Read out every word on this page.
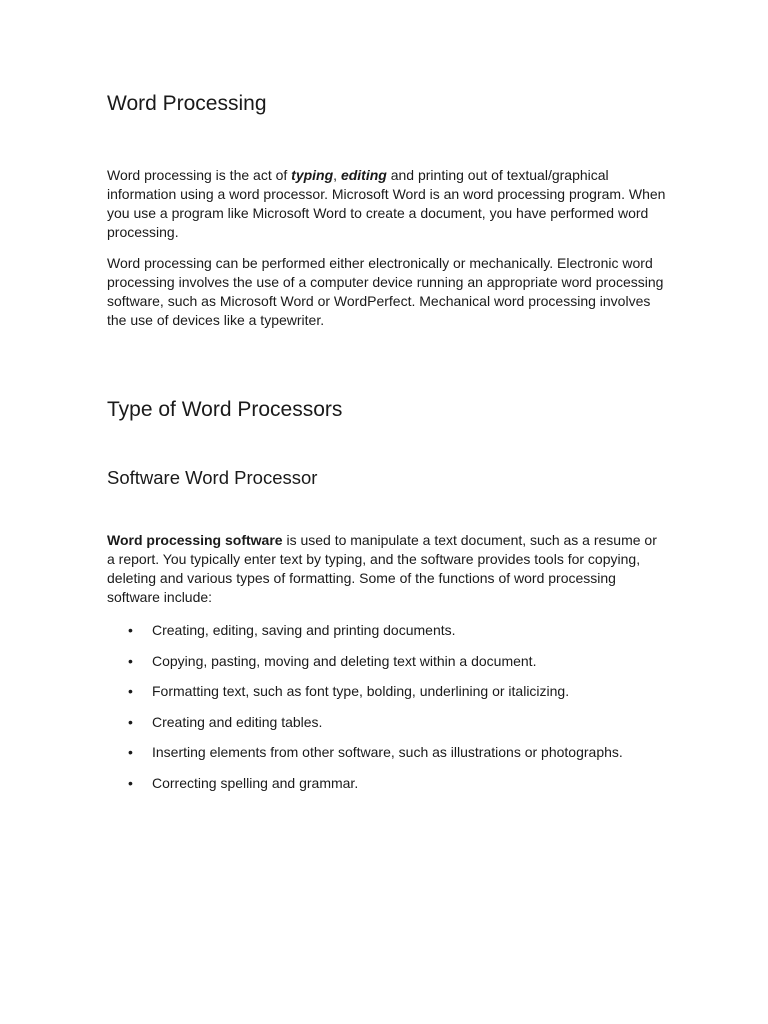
Word Processing

Word processing is the act of typing, editing and printing out of textual/graphical information using a word processor. Microsoft Word is an word processing program. When you use a program like Microsoft Word to create a document, you have performed word processing.

Word processing can be performed either electronically or mechanically. Electronic word processing involves the use of a computer device running an appropriate word processing software, such as Microsoft Word or WordPerfect. Mechanical word processing involves the use of devices like a typewriter.

Type of Word Processors
Software Word Processor

Word processing software is used to manipulate a text document, such as a resume or a report. You typically enter text by typing, and the software provides tools for copying, deleting and various types of formatting. Some of the functions of word processing software include:

• Creating, editing, saving and printing documents.
• Copying, pasting, moving and deleting text within a document.
• Formatting text, such as font type, bolding, underlining or italicizing.
• Creating and editing tables.
• Inserting elements from other software, such as illustrations or photographs.
• Correcting spelling and grammar.
